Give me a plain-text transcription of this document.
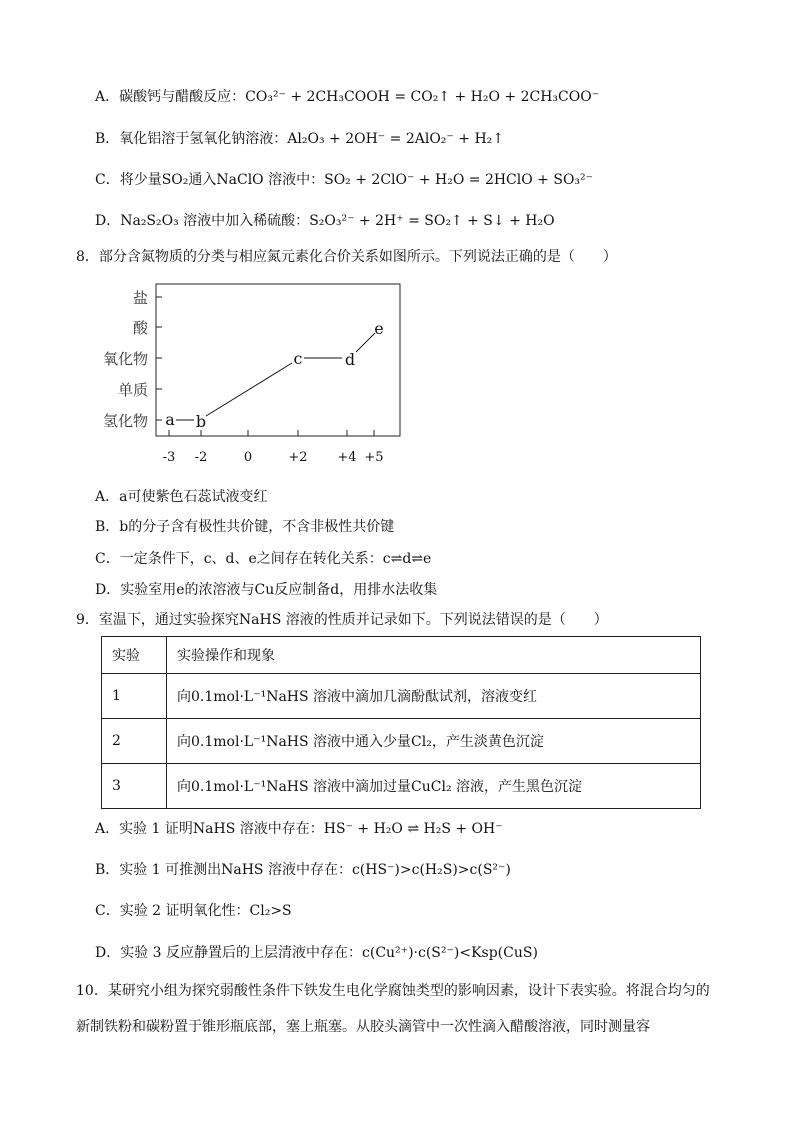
A．碳酸钙与醋酸反应：CO₃²⁻ + 2CH₃COOH = CO₂↑ + H₂O + 2CH₃COO⁻
B．氧化铝溶于氢氧化钠溶液：Al₂O₃ + 2OH⁻ = 2AlO₂⁻ + H₂↑
C．将少量SO₂通入NaClO 溶液中：SO₂ + 2ClO⁻ + H₂O = 2HClO + SO₃²⁻
D．Na₂S₂O₃ 溶液中加入稀硫酸：S₂O₃²⁻ + 2H⁺ = SO₂↑ + S↓ + H₂O
8．部分含氮物质的分类与相应氮元素化合价关系如图所示。下列说法正确的是（　　）
盐
酸
氧化物
单质
氢化物
-3 -2	0	+2 +4 +5
a b
c	d
e
A．a可使紫色石蕊试液变红
B．b的分子含有极性共价键，不含非极性共价键
C．一定条件下，c、d、e之间存在转化关系：c⇌d⇌e
D．实验室用e的浓溶液与Cu反应制备d，用排水法收集
9．室温下，通过实验探究NaHS 溶液的性质并记录如下。下列说法错误的是（　　）
实验	实验操作和现象
1	向0.1mol·L⁻¹NaHS 溶液中滴加几滴酚酞试剂，溶液变红
2	向0.1mol·L⁻¹NaHS 溶液中通入少量Cl₂，产生淡黄色沉淀
3	向0.1mol·L⁻¹NaHS 溶液中滴加过量CuCl₂ 溶液，产生黑色沉淀
A．实验 1 证明NaHS 溶液中存在：HS⁻ + H₂O ⇌ H₂S + OH⁻
B．实验 1 可推测出NaHS 溶液中存在：c(HS⁻)>c(H₂S)>c(S²⁻)
C．实验 2 证明氧化性：Cl₂>S
D．实验 3 反应静置后的上层清液中存在：c(Cu²⁺)·c(S²⁻)<Ksp(CuS)
10．某研究小组为探究弱酸性条件下铁发生电化学腐蚀类型的影响因素，设计下表实验。将混合均匀的新制铁粉和碳粉置于锥形瓶底部，塞上瓶塞。从胶头滴管中一次性滴入醋酸溶液，同时测量容
